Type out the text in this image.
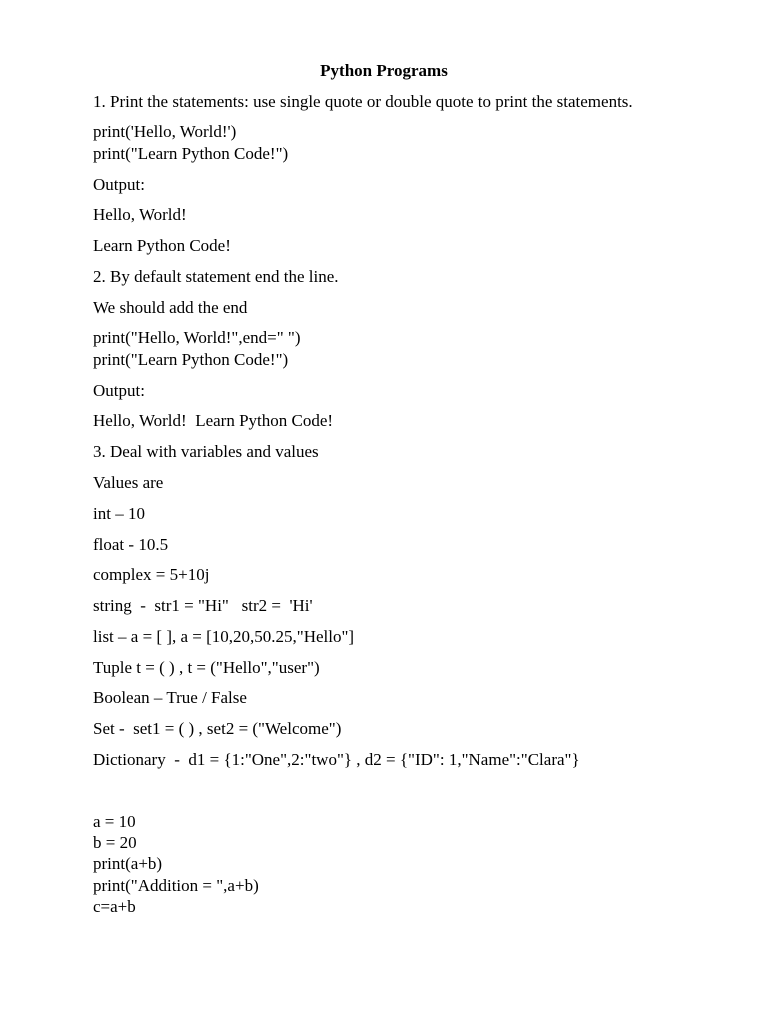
Python Programs
1. Print the statements: use single quote or double quote to print the statements.
print('Hello, World!')
print("Learn Python Code!")
Output:
Hello, World!
Learn Python Code!
2. By default statement end the line.
We should add the end
print("Hello, World!",end=" ")
print("Learn Python Code!")
Output:
Hello, World!  Learn Python Code!
3. Deal with variables and values
Values are
int – 10
float - 10.5
complex = 5+10j
string  -  str1 = "Hi"   str2 =  'Hi'
list – a = [ ], a = [10,20,50.25,"Hello"]
Tuple t = ( ) , t = ("Hello","user")
Boolean – True / False
Set -  set1 = ( ) , set2 = ("Welcome")
Dictionary  -  d1 = {1:"One",2:"two"} , d2 = {"ID": 1,"Name":"Clara"}
a = 10
b = 20
print(a+b)
print("Addition = ",a+b)
c=a+b
